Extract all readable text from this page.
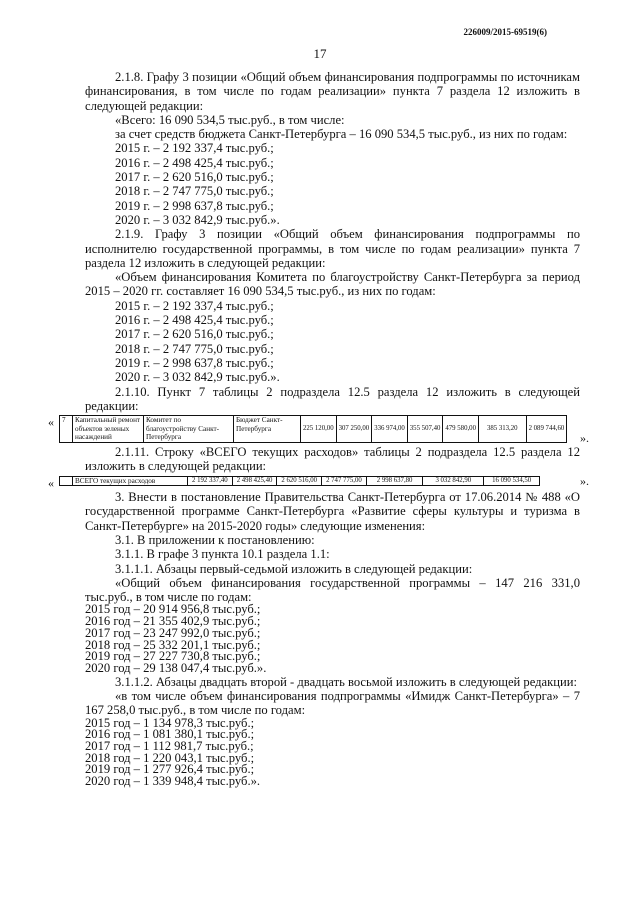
226009/2015-69519(6)
17

2.1.8. Графу 3 позиции «Общий объем финансирования подпрограммы по источникам финансирования, в том числе по годам реализации» пункта 7 раздела 12 изложить в следующей редакции:

«Всего: 16 090 534,5 тыс.руб., в том числе:

за счет средств бюджета Санкт-Петербурга – 16 090 534,5 тыс.руб., из них по годам:

2015 г. – 2 192 337,4 тыс.руб.;

2016 г. – 2 498 425,4 тыс.руб.;

2017 г. – 2 620 516,0 тыс.руб.;

2018 г. – 2 747 775,0 тыс.руб.;

2019 г. – 2 998 637,8 тыс.руб.;

2020 г. – 3 032 842,9 тыс.руб.».

2.1.9. Графу 3 позиции «Общий объем финансирования подпрограммы по исполнителю государственной программы, в том числе по годам реализации» пункта 7 раздела 12 изложить в следующей редакции:

«Объем финансирования Комитета по благоустройству Санкт-Петербурга за период 2015 – 2020 гг. составляет 16 090 534,5 тыс.руб., из них по годам:

2015 г. – 2 192 337,4 тыс.руб.;

2016 г. – 2 498 425,4 тыс.руб.;

2017 г. – 2 620 516,0 тыс.руб.;

2018 г. – 2 747 775,0 тыс.руб.;

2019 г. – 2 998 637,8 тыс.руб.;

2020 г. – 3 032 842,9 тыс.руб.».

2.1.10. Пункт 7 таблицы 2 подраздела 12.5 раздела 12 изложить в следующей редакции:

« 7	Капитальный ремонт объектов зеленых насаждений	Комитет по благоустройству Санкт-Петербурга	Бюджет Санкт-Петербурга	225 120,00	307 250,00	336 974,00	355 507,40	479 580,00	385 313,20	2 089 744,60
».

2.1.11. Строку «ВСЕГО текущих расходов» таблицы 2 подраздела 12.5 раздела 12 изложить в следующей редакции:

«
		ВСЕГО текущих расходов	2 192 337,40	2 498 425,40	2 620 516,00	2 747 775,00	2 998 637,80	3 032 842,90	16 090 534,50	».

3. Внести в постановление Правительства Санкт-Петербурга от 17.06.2014 № 488 «О государственной программе Санкт-Петербурга «Развитие сферы культуры и туризма в Санкт-Петербурге» на 2015-2020 годы» следующие изменения:

3.1. В приложении к постановлению:

3.1.1. В графе 3 пункта 10.1 раздела 1.1:

3.1.1.1. Абзацы первый-седьмой изложить в следующей редакции:

«Общий объем финансирования государственной программы – 147 216 331,0 тыс.руб., в том числе по годам:

2015 год – 20 914 956,8 тыс.руб.;

2016 год – 21 355 402,9 тыс.руб.;

2017 год – 23 247 992,0 тыс.руб.;

2018 год – 25 332 201,1 тыс.руб.;

2019 год – 27 227 730,8 тыс.руб.;

2020 год – 29 138 047,4 тыс.руб.».

3.1.1.2. Абзацы двадцать второй - двадцать восьмой изложить в следующей редакции:

«в том числе объем финансирования подпрограммы «Имидж Санкт-Петербурга» – 7 167 258,0 тыс.руб., в том числе по годам:

2015 год – 1 134 978,3 тыс.руб.;

2016 год – 1 081 380,1 тыс.руб.;

2017 год – 1 112 981,7 тыс.руб.;

2018 год – 1 220 043,1 тыс.руб.;

2019 год – 1 277 926,4 тыс.руб.;

2020 год – 1 339 948,4 тыс.руб.».
